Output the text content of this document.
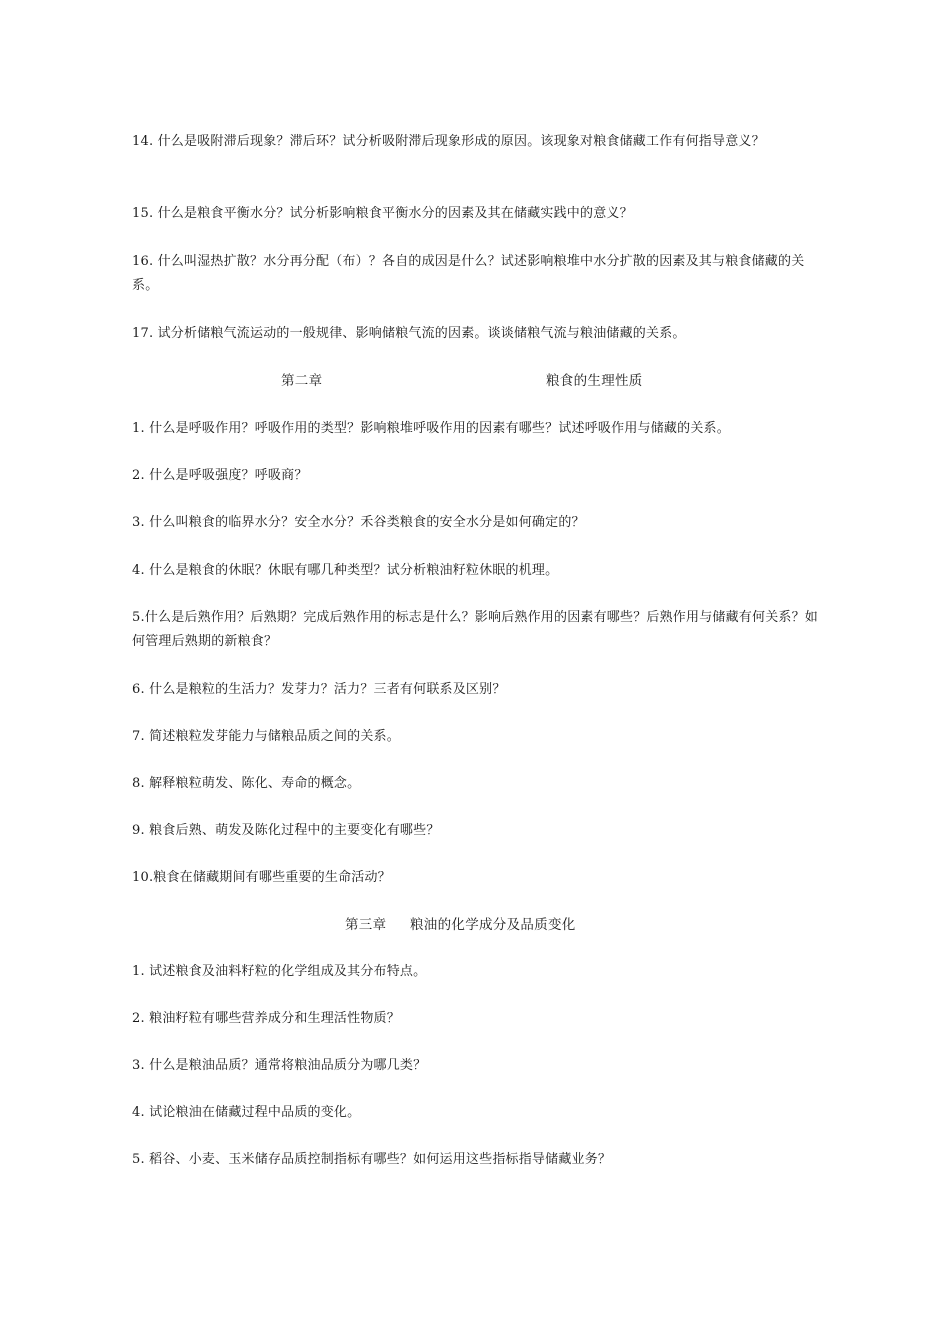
14. 什么是吸附滞后现象？滞后环？试分析吸附滞后现象形成的原因。该现象对粮食储藏工作有何指导意义？
15. 什么是粮食平衡水分？试分析影响粮食平衡水分的因素及其在储藏实践中的意义？
16. 什么叫湿热扩散？水分再分配（布）？各自的成因是什么？试述影响粮堆中水分扩散的因素及其与粮食储藏的关系。
17. 试分析储粮气流运动的一般规律、影响储粮气流的因素。谈谈储粮气流与粮油储藏的关系。
第二章	粮食的生理性质
1. 什么是呼吸作用？呼吸作用的类型？影响粮堆呼吸作用的因素有哪些？试述呼吸作用与储藏的关系。
2. 什么是呼吸强度？呼吸商？
3. 什么叫粮食的临界水分？安全水分？禾谷类粮食的安全水分是如何确定的？
4. 什么是粮食的休眠？休眠有哪几种类型？试分析粮油籽粒休眠的机理。
5.什么是后熟作用？后熟期？完成后熟作用的标志是什么？影响后熟作用的因素有哪些？后熟作用与储藏有何关系？如何管理后熟期的新粮食？
6. 什么是粮粒的生活力？发芽力？活力？三者有何联系及区别？
7. 简述粮粒发芽能力与储粮品质之间的关系。
8. 解释粮粒萌发、陈化、寿命的概念。
9. 粮食后熟、萌发及陈化过程中的主要变化有哪些？
10.粮食在储藏期间有哪些重要的生命活动？
第三章 粮油的化学成分及品质变化
1. 试述粮食及油料籽粒的化学组成及其分布特点。
2. 粮油籽粒有哪些营养成分和生理活性物质？
3. 什么是粮油品质？通常将粮油品质分为哪几类？
4. 试论粮油在储藏过程中品质的变化。
5. 稻谷、小麦、玉米储存品质控制指标有哪些？如何运用这些指标指导储藏业务？
